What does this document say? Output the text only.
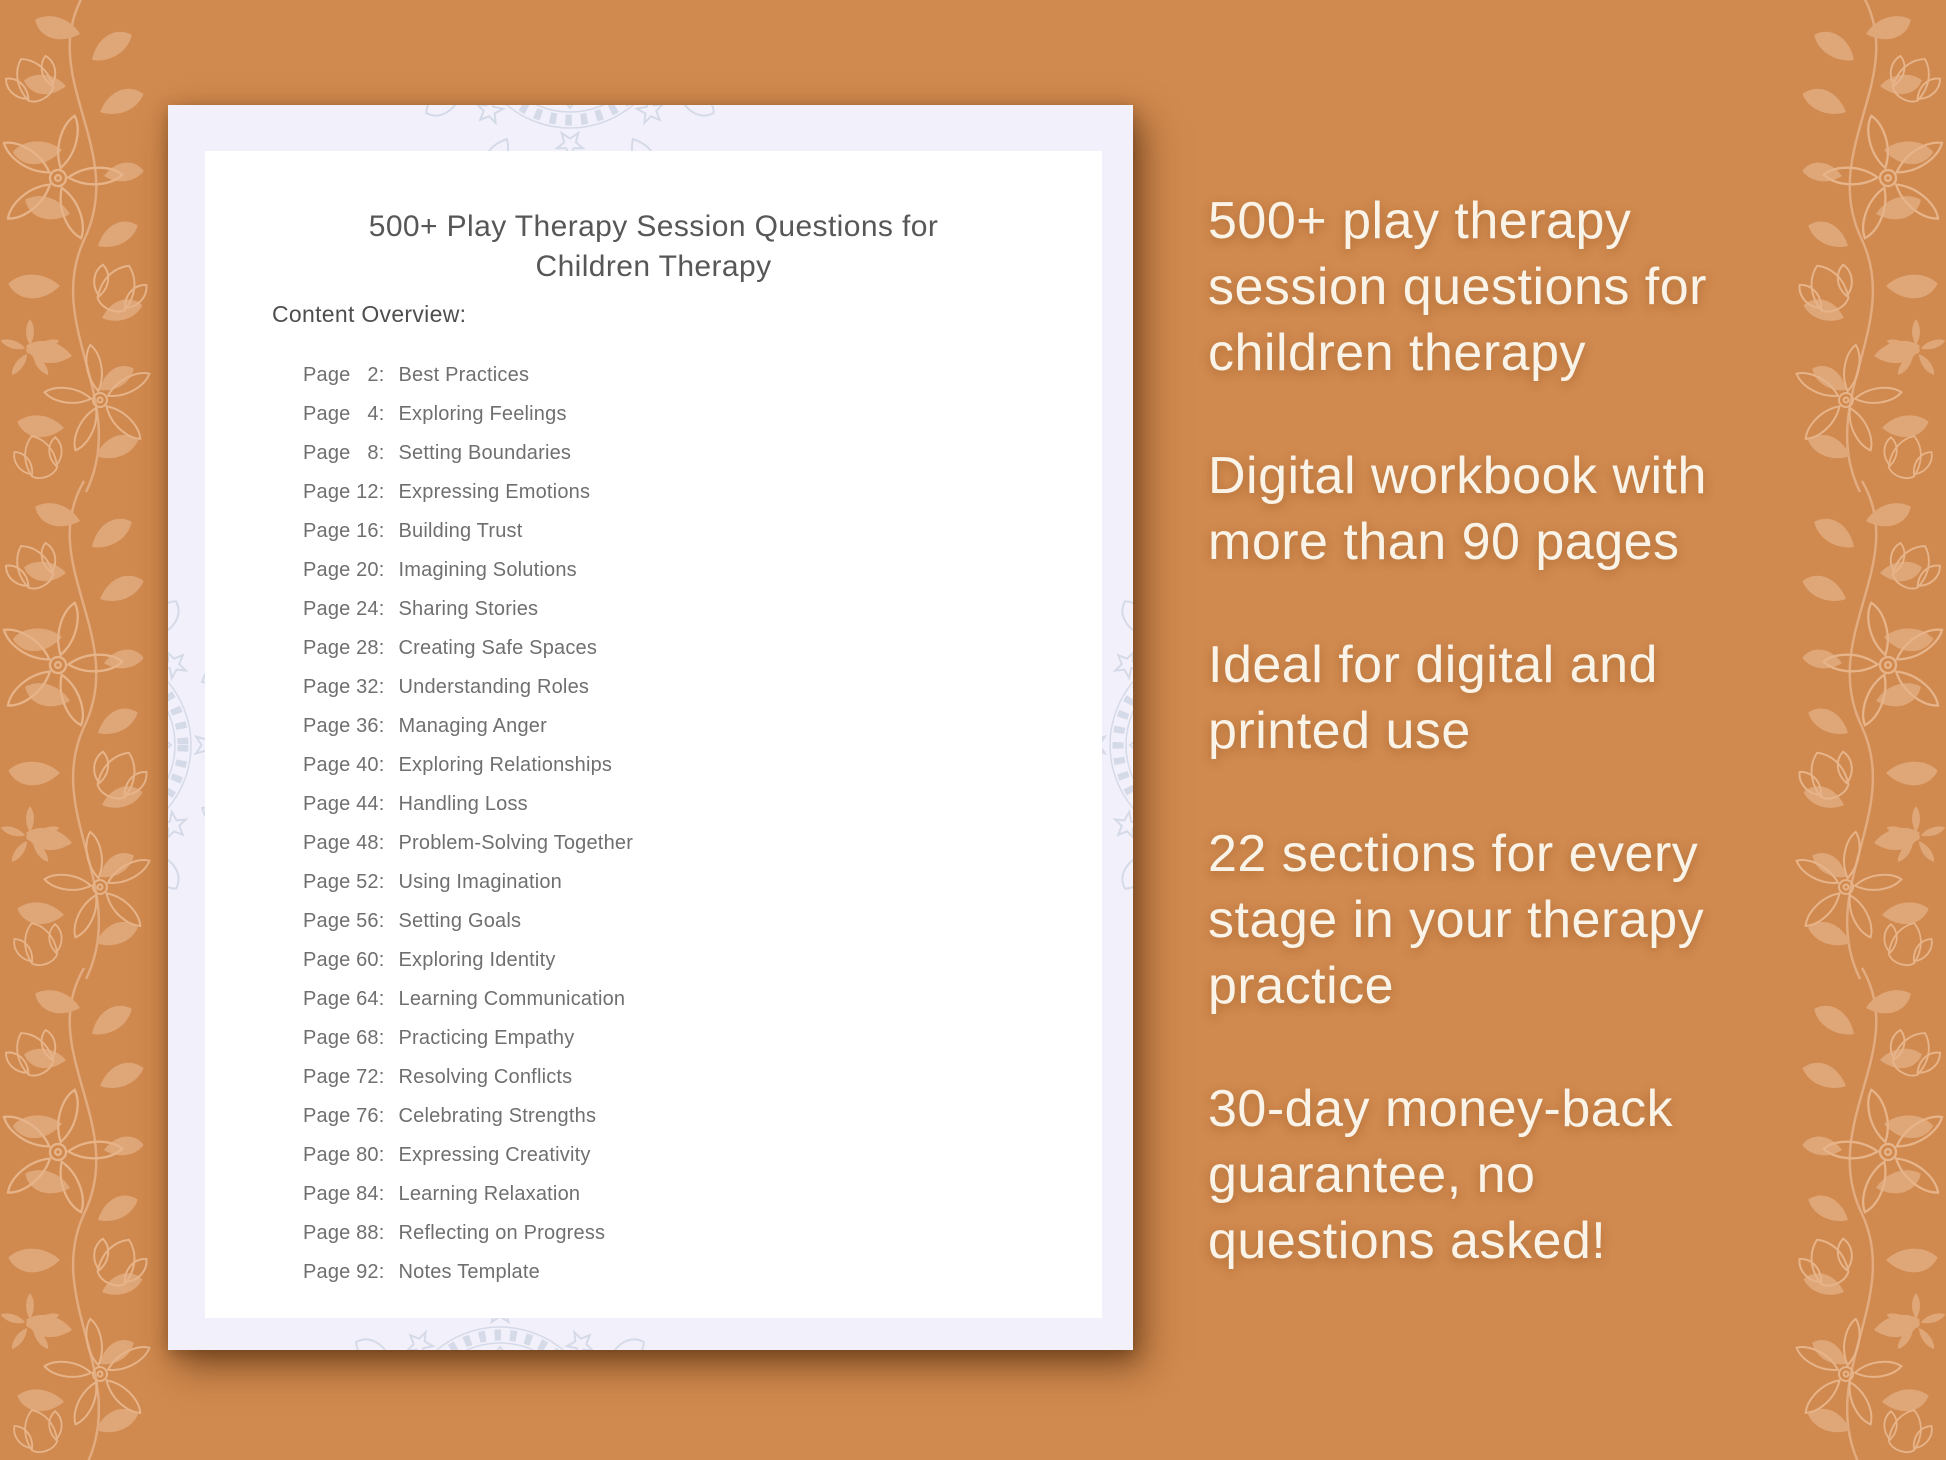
500+ Play Therapy Session Questions for Children Therapy
Content Overview:
Page 2: Best Practices
Page 4: Exploring Feelings
Page 8: Setting Boundaries
Page 12: Expressing Emotions
Page 16: Building Trust
Page 20: Imagining Solutions
Page 24: Sharing Stories
Page 28: Creating Safe Spaces
Page 32: Understanding Roles
Page 36: Managing Anger
Page 40: Exploring Relationships
Page 44: Handling Loss
Page 48: Problem-Solving Together
Page 52: Using Imagination
Page 56: Setting Goals
Page 60: Exploring Identity
Page 64: Learning Communication
Page 68: Practicing Empathy
Page 72: Resolving Conflicts
Page 76: Celebrating Strengths
Page 80: Expressing Creativity
Page 84: Learning Relaxation
Page 88: Reflecting on Progress
Page 92: Notes Template
500+ play therapy
session questions for
children therapy
Digital workbook with
more than 90 pages
Ideal for digital and
printed use
22 sections for every
stage in your therapy
practice
30-day money-back
guarantee, no
questions asked!
